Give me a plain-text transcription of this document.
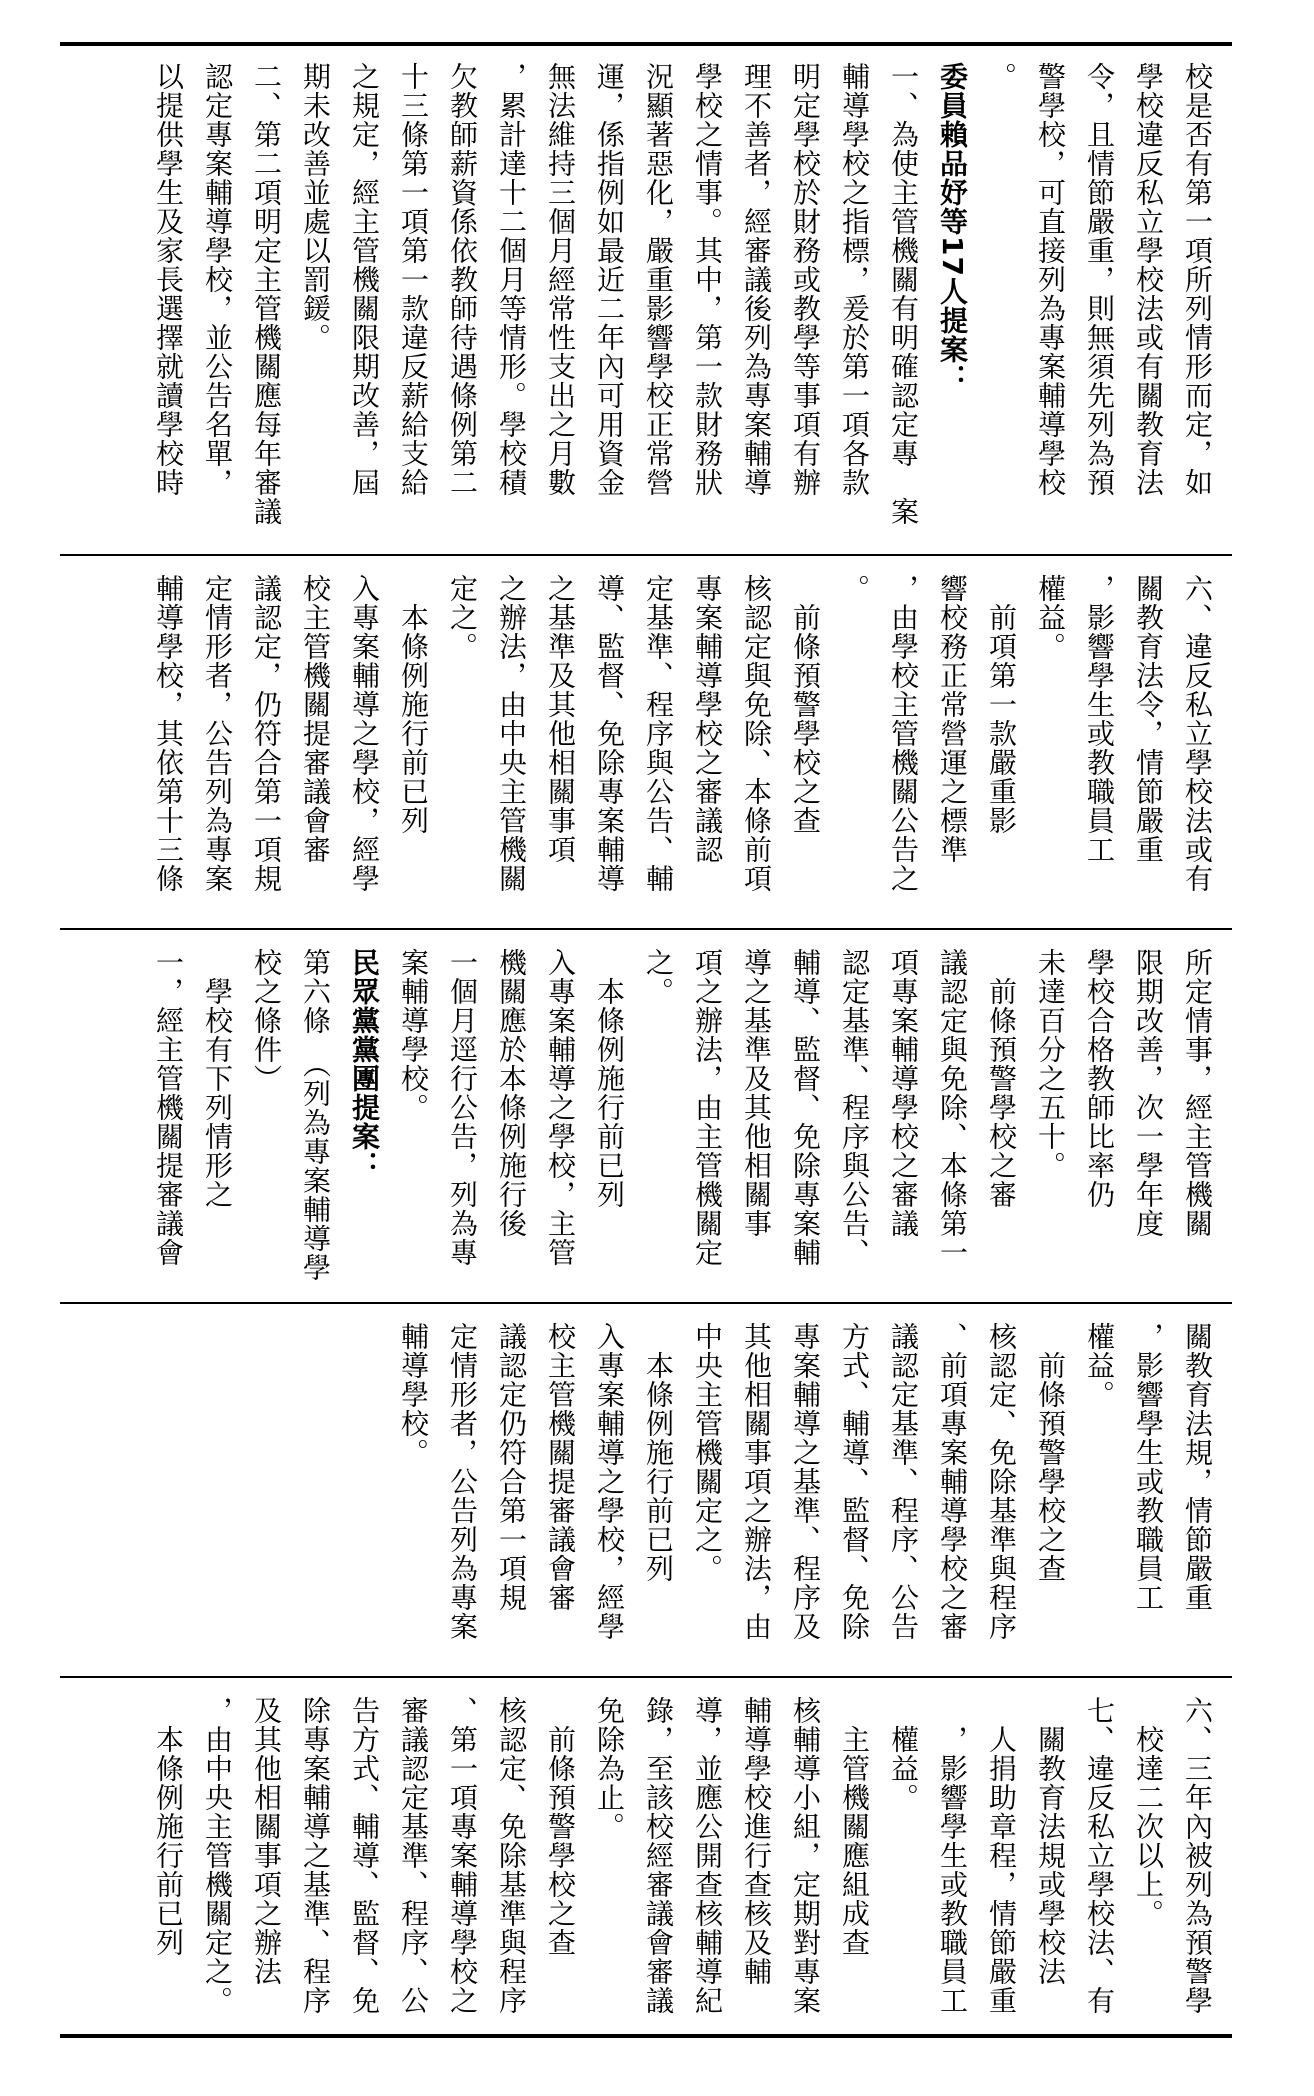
校是否有第一項所列情形而定，如
學校違反私立學校法或有關教育法
令，且情節嚴重，則無須先列為預
警學校，可直接列為專案輔導學校
。
委員賴品妤等17人提案：
一、為使主管機關有明確認定專　案
輔導學校之指標，爰於第一項各款
明定學校於財務或教學等事項有辦
理不善者，經審議後列為專案輔導
學校之情事。其中，第一款財務狀
況顯著惡化，嚴重影響學校正常營
運，係指例如最近二年內可用資金
無法維持三個月經常性支出之月數
，累計達十二個月等情形。學校積
欠教師薪資係依教師待遇條例第二
十三條第一項第一款違反薪給支給
之規定，經主管機關限期改善，屆
期未改善並處以罰鍰。
二、第二項明定主管機關應每年審議
認定專案輔導學校，並公告名單，
以提供學生及家長選擇就讀學校時
六、違反私立學校法或有
關教育法令，情節嚴重
，影響學生或教職員工
權益。
　前項第一款嚴重影
響校務正常營運之標準
，由學校主管機關公告之
。
　前條預警學校之查
核認定與免除、本條前項
專案輔導學校之審議認
定基準、程序與公告、輔
導、監督、免除專案輔導
之基準及其他相關事項
之辦法，由中央主管機關
定之。
　本條例施行前已列
入專案輔導之學校，經學
校主管機關提審議會審
議認定，仍符合第一項規
定情形者，公告列為專案
輔導學校，其依第十三條
所定情事，經主管機關
限期改善，次一學年度
學校合格教師比率仍
未達百分之五十。
　前條預警學校之審
議認定與免除、本條第一
項專案輔導學校之審議
認定基準、程序與公告、
輔導、監督、免除專案輔
導之基準及其他相關事
項之辦法，由主管機關定
之。
　本條例施行前已列
入專案輔導之學校，主管
機關應於本條例施行後
一個月逕行公告，列為專
案輔導學校。
民眾黨黨團提案：
第六條　（列為專案輔導學
校之條件）
　學校有下列情形之
一，經主管機關提審議會
關教育法規，情節嚴重
，影響學生或教職員工
權益。
　前條預警學校之查
核認定、免除基準與程序
、前項專案輔導學校之審
議認定基準、程序、公告
方式、輔導、監督、免除
專案輔導之基準、程序及
其他相關事項之辦法，由
中央主管機關定之。
　本條例施行前已列
入專案輔導之學校，經學
校主管機關提審議會審
議認定仍符合第一項規
定情形者，公告列為專案
輔導學校。
六、三年內被列為預警學
　校達二次以上。
七、違反私立學校法、有
　關教育法規或學校法
　人捐助章程，情節嚴重
　，影響學生或教職員工
　權益。
　主管機關應組成查
核輔導小組，定期對專案
輔導學校進行查核及輔
導，並應公開查核輔導紀
錄，至該校經審議會審議
免除為止。
　前條預警學校之查
核認定、免除基準與程序
、第一項專案輔導學校之
審議認定基準、程序、公
告方式、輔導、監督、免
除專案輔導之基準、程序
及其他相關事項之辦法
，由中央主管機關定之。
　本條例施行前已列
